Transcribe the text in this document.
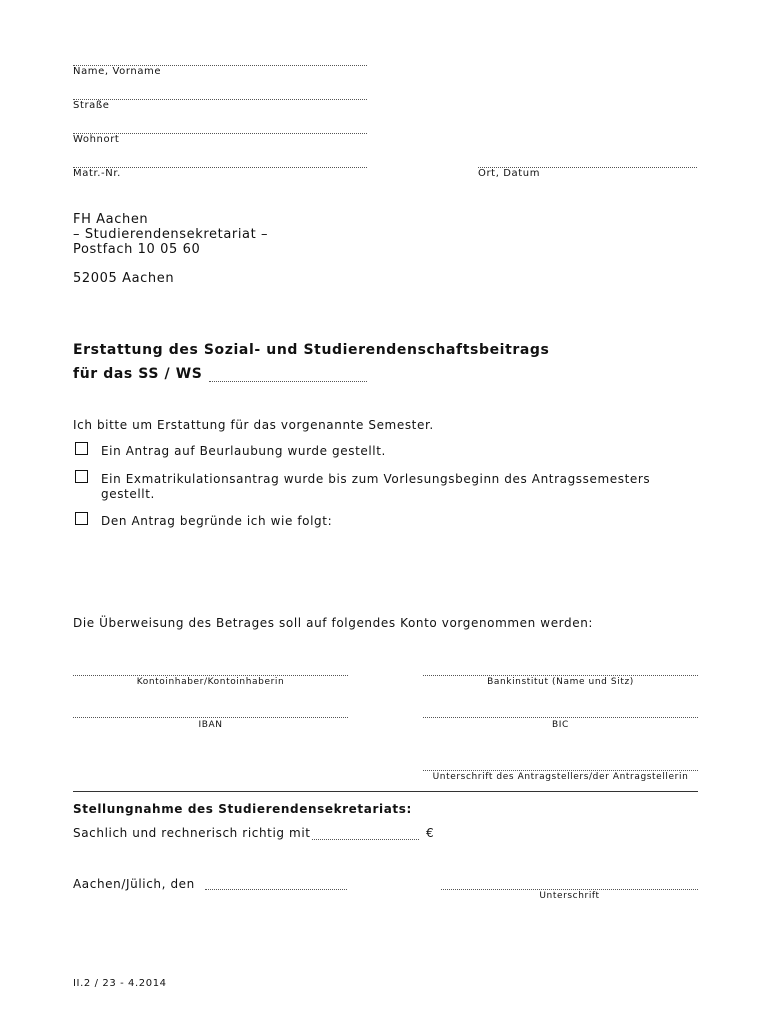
Name, Vorname
Straße
Wohnort
Matr.-Nr.	Ort, Datum
FH Aachen
– Studierendensekretariat –
Postfach 10 05 60
52005 Aachen
Erstattung des Sozial- und Studierendenschaftsbeitrags
für das SS / WS
Ich bitte um Erstattung für das vorgenannte Semester.
Ein Antrag auf Beurlaubung wurde gestellt.
Ein Exmatrikulationsantrag wurde bis zum Vorlesungsbeginn des Antragssemesters
gestellt.
Den Antrag begründe ich wie folgt:
Die Überweisung des Betrages soll auf folgendes Konto vorgenommen werden:
Kontoinhaber/Kontoinhaberin	Bankinstitut (Name und Sitz)
IBAN	BIC
Unterschrift des Antragstellers/der Antragstellerin
Stellungnahme des Studierendensekretariats:
Sachlich und rechnerisch richtig mit	€
Aachen/Jülich, den
Unterschrift
II.2 / 23 - 4.2014
